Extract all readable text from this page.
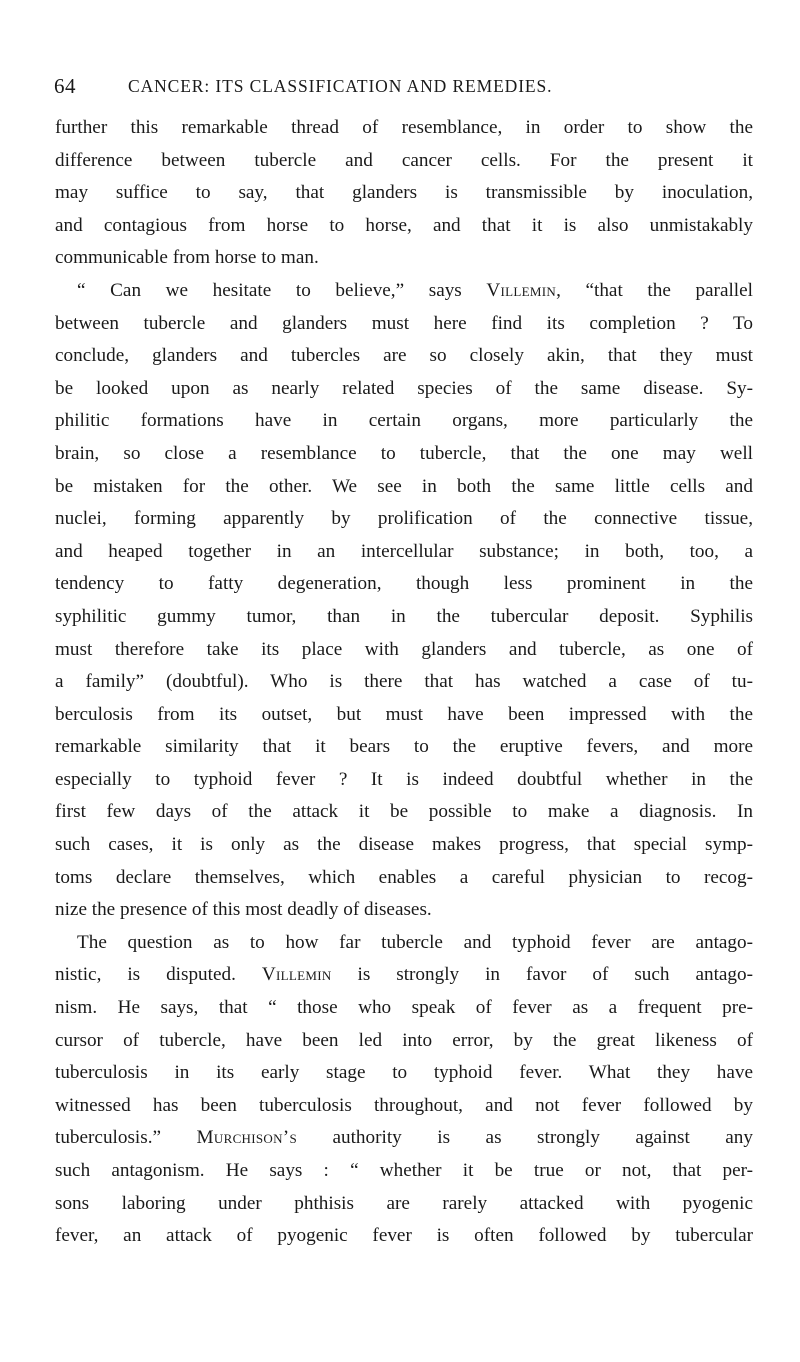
64	CANCER: ITS CLASSIFICATION AND REMEDIES.
further this remarkable thread of resemblance, in order to show the
difference between tubercle and cancer cells. For the present it
may suffice to say, that glanders is transmissible by inoculation,
and contagious from horse to horse, and that it is also unmistakably
communicable from horse to man.
“ Can we hesitate to believe,” says Villemin, “that the parallel
between tubercle and glanders must here find its completion ? To
conclude, glanders and tubercles are so closely akin, that they must
be looked upon as nearly related species of the same disease. Sy-
philitic formations have in certain organs, more particularly the
brain, so close a resemblance to tubercle, that the one may well
be mistaken for the other. We see in both the same little cells and
nuclei, forming apparently by prolification of the connective tissue,
and heaped together in an intercellular substance; in both, too, a
tendency to fatty degeneration, though less prominent in the
syphilitic gummy tumor, than in the tubercular deposit. Syphilis
must therefore take its place with glanders and tubercle, as one of
a family” (doubtful). Who is there that has watched a case of tu-
berculosis from its outset, but must have been impressed with the
remarkable similarity that it bears to the eruptive fevers, and more
especially to typhoid fever ? It is indeed doubtful whether in the
first few days of the attack it be possible to make a diagnosis. In
such cases, it is only as the disease makes progress, that special symp-
toms declare themselves, which enables a careful physician to recog-
nize the presence of this most deadly of diseases.
The question as to how far tubercle and typhoid fever are antago-
nistic, is disputed. Villemin is strongly in favor of such antago-
nism. He says, that “ those who speak of fever as a frequent pre-
cursor of tubercle, have been led into error, by the great likeness of
tuberculosis in its early stage to typhoid fever. What they have
witnessed has been tuberculosis throughout, and not fever followed by
tuberculosis.” Murchison’s authority is as strongly against any
such antagonism. He says : “ whether it be true or not, that per-
sons laboring under phthisis are rarely attacked with pyogenic
fever, an attack of pyogenic fever is often followed by tubercular
